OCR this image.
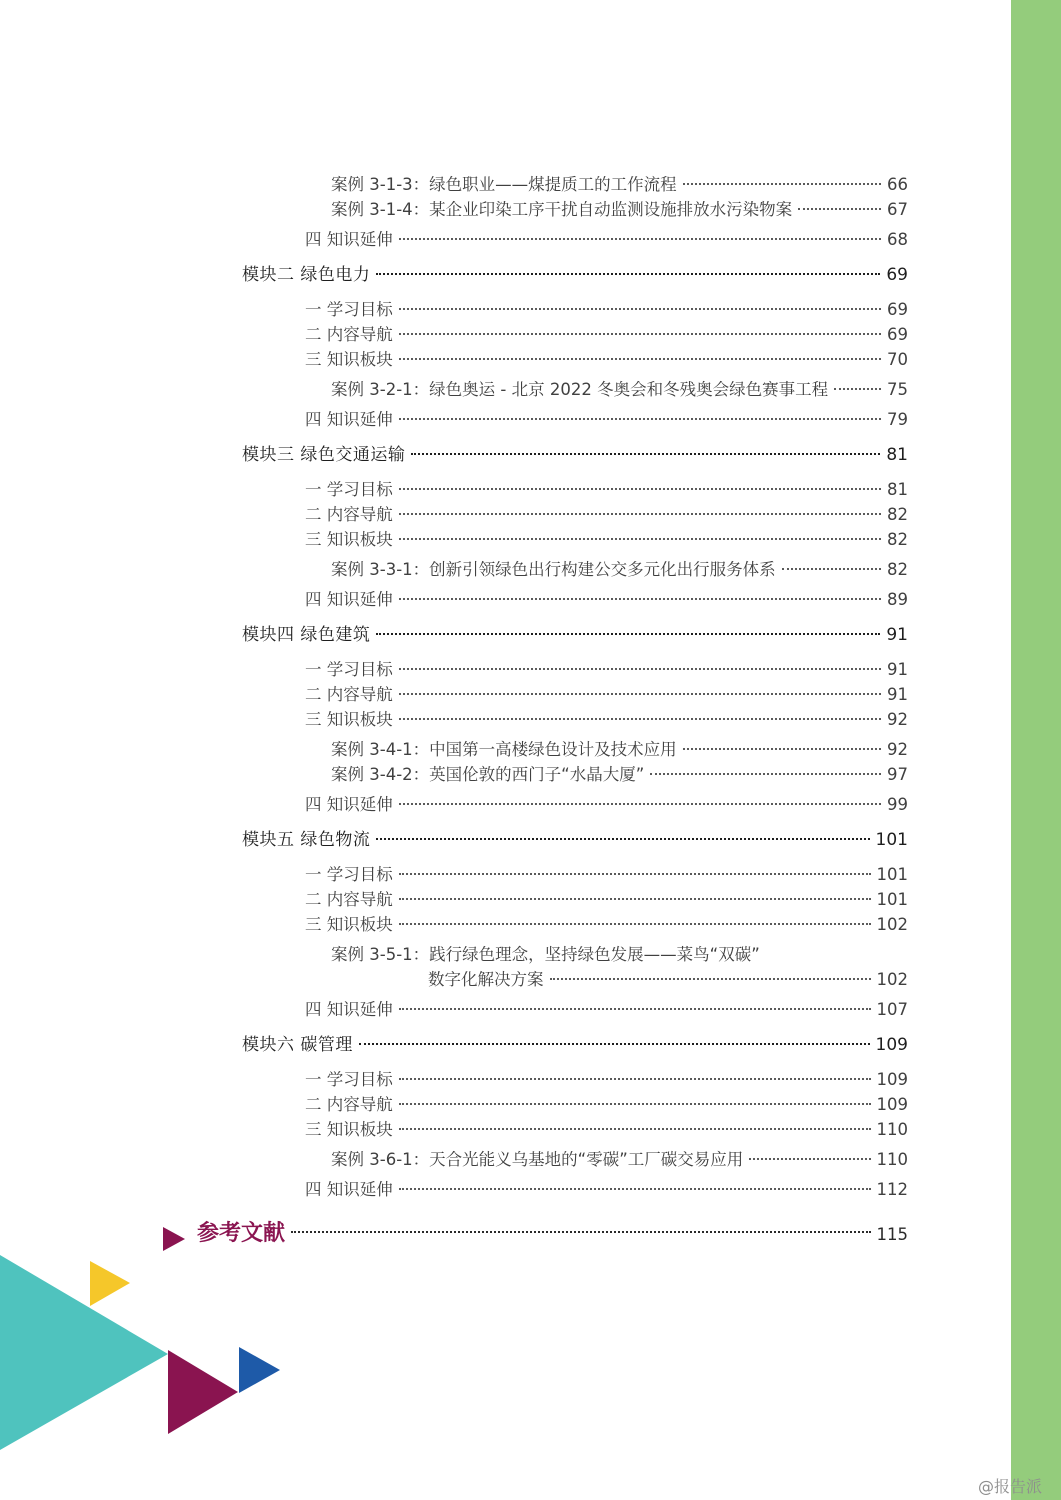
案例 3-1-3：绿色职业——煤提质工的工作流程	66
案例 3-1-4：某企业印染工序干扰自动监测设施排放水污染物案	67
四 知识延伸	68
模块二 绿色电力	69
一 学习目标	69
二 内容导航	69
三 知识板块	70
案例 3-2-1：绿色奥运 - 北京 2022 冬奥会和冬残奥会绿色赛事工程	75
四 知识延伸	79
模块三 绿色交通运输	81
一 学习目标	81
二 内容导航	82
三 知识板块	82
案例 3-3-1：创新引领绿色出行构建公交多元化出行服务体系	82
四 知识延伸	89
模块四 绿色建筑	91
一 学习目标	91
二 内容导航	91
三 知识板块	92
案例 3-4-1：中国第一高楼绿色设计及技术应用	92
案例 3-4-2：英国伦敦的西门子“水晶大厦”	97
四 知识延伸	99
模块五 绿色物流	101
一 学习目标	101
二 内容导航	101
三 知识板块	102
案例 3-5-1：践行绿色理念，坚持绿色发展——菜鸟“双碳”
数字化解决方案	102
四 知识延伸	107
模块六 碳管理	109
一 学习目标	109
二 内容导航	109
三 知识板块	110
案例 3-6-1：天合光能义乌基地的“零碳”工厂碳交易应用	110
四 知识延伸	112
参考文献	115
@报告派
